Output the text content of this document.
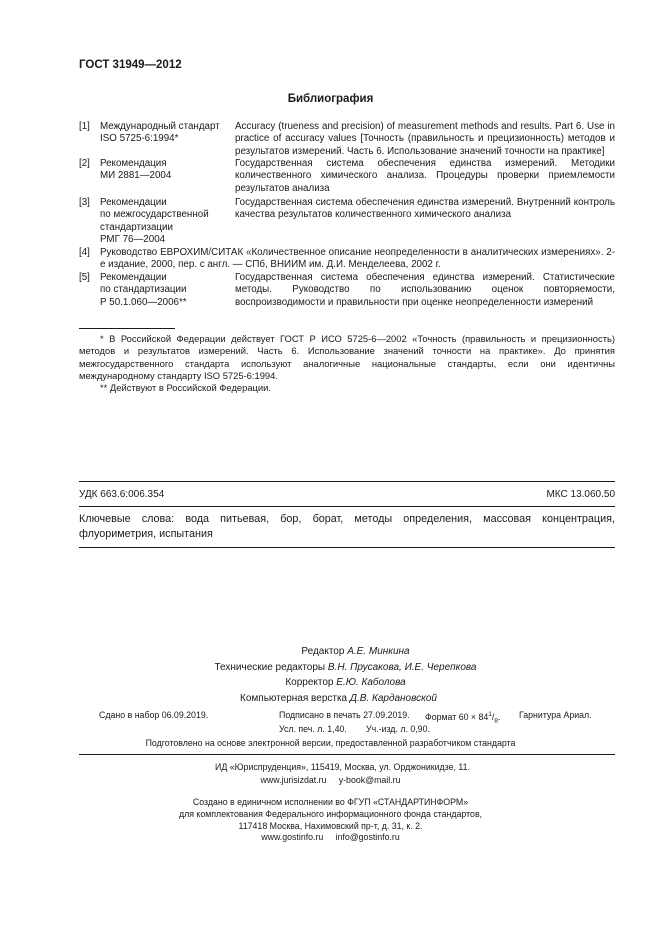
ГОСТ 31949—2012
Библиография
[1] Международный стандарт
ISO 5725-6:1994*
Accuracy (trueness and precision) of measurement methods and results. Part 6. Use in practice of accuracy values [Точность (правильность и прецизионность) методов и результатов измерений. Часть 6. Использование значений точности на практике]
[2] Рекомендация
МИ 2881—2004
Государственная система обеспечения единства измерений. Методики количественного химического анализа. Процедуры проверки приемлемости результатов анализа
[3] Рекомендации
по межгосударственной
стандартизации
РМГ 76—2004
Государственная система обеспечения единства измерений. Внутренний контроль качества результатов количественного химического анализа
[4] Руководство ЕВРОХИМ/СИТАК «Количественное описание неопределенности в аналитических измерениях». 2-е издание, 2000, пер. с англ. — СПб, ВНИИМ им. Д.И. Менделеева, 2002 г.
[5] Рекомендации
по стандартизации
Р 50.1.060—2006**
Государственная система обеспечения единства измерений. Статистические методы. Руководство по использованию оценок повторяемости, воспроизводимости и правильности при оценке неопределенности измерений
* В Российской Федерации действует ГОСТ Р ИСО 5725-6—2002 «Точность (правильность и прецизионность) методов и результатов измерений. Часть 6. Использование значений точности на практике». До принятия межгосударственного стандарта используют аналогичные национальные стандарты, если они идентичны международному стандарту ISO 5725-6:1994.
** Действуют в Российской Федерации.
УДК 663.6:006.354	МКС 13.060.50
Ключевые слова: вода питьевая, бор, борат, методы определения, массовая концентрация, флуориметрия, испытания
Редактор А.Е. Минкина
Технические редакторы В.Н. Прусакова, И.Е. Черепкова
Корректор Е.Ю. Каболова
Компьютерная верстка Д.В. Кардановской
Сдано в набор 06.09.2019.	Подписано в печать 27.09.2019. Формат $60 \times 84^1/_8$. Гарнитура Ариал.
Усл. печ. л. 1,40. Уч.-изд. л. 0,90.
Подготовлено на основе электронной версии, предоставленной разработчиком стандарта
ИД «Юриспруденция», 115419, Москва, ул. Орджоникидзе, 11.
www.jurisizdat.ru     y-book@mail.ru
Создано в единичном исполнении во ФГУП «СТАНДАРТИНФОРМ»
для комплектования Федерального информационного фонда стандартов,
117418 Москва, Нахимовский пр-т, д. 31, к. 2.
www.gostinfo.ru     info@gostinfo.ru
